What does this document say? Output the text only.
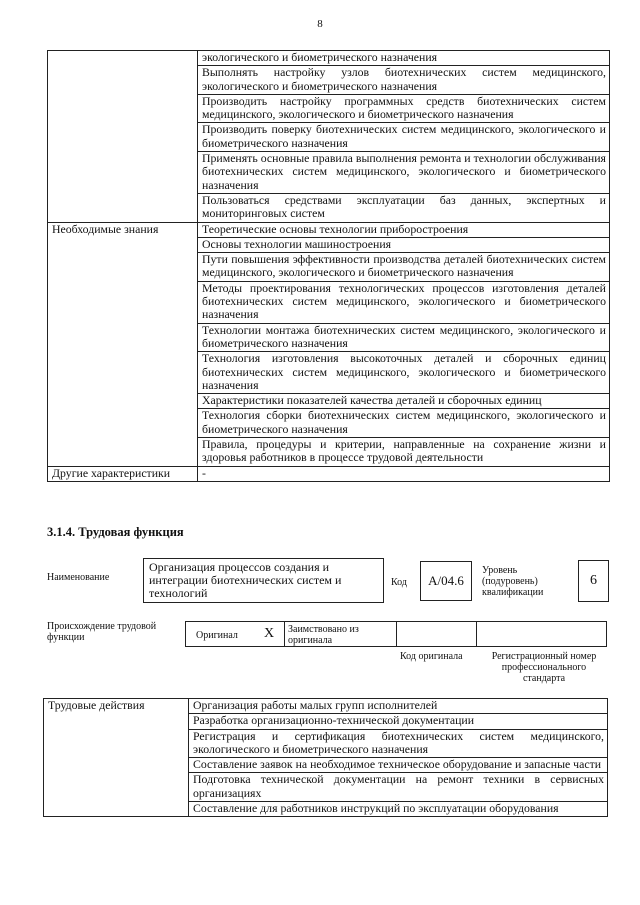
8
	экологического и биометрического назначения
	Выполнять настройку узлов биотехнических систем медицинского, экологического и биометрического назначения
	Производить настройку программных средств биотехнических систем медицинского, экологического и биометрического назначения
	Производить поверку биотехнических систем медицинского, экологического и биометрического назначения
	Применять основные правила выполнения ремонта и технологии обслуживания биотехнических систем медицинского, экологического и биометрического назначения
	Пользоваться средствами эксплуатации баз данных, экспертных и мониторинговых систем
Необходимые знания	Теоретические основы технологии приборостроения
	Основы технологии машиностроения
	Пути повышения эффективности производства деталей биотехнических систем медицинского, экологического и биометрического назначения
	Методы проектирования технологических процессов изготовления деталей биотехнических систем медицинского, экологического и биометрического назначения
	Технологии монтажа биотехнических систем медицинского, экологического и биометрического назначения
	Технология изготовления высокоточных деталей и сборочных единиц биотехнических систем медицинского, экологического и биометрического назначения
	Характеристики показателей качества деталей и сборочных единиц
	Технология сборки биотехнических систем медицинского, экологического и биометрического назначения
	Правила, процедуры и критерии, направленные на сохранение жизни и здоровья работников в процессе трудовой деятельности
Другие характеристики	-
3.1.4. Трудовая функция
Наименование
Организация процессов создания и интеграции биотехнических систем и технологий
Код	А/04.6
Уровень (подуровень) квалификации
6
Происхождение трудовой функции	Оригинал X Заимствовано из оригинала
Код оригинала	Регистрационный номер профессионального стандарта
Трудовые действия	Организация работы малых групп исполнителей
Разработка организационно-технической документации
Регистрация и сертификация биотехнических систем медицинского, экологического и биометрического назначения
Составление заявок на необходимое техническое оборудование и запасные части
Подготовка технической документации на ремонт техники в сервисных организациях
Составление для работников инструкций по эксплуатации оборудования
